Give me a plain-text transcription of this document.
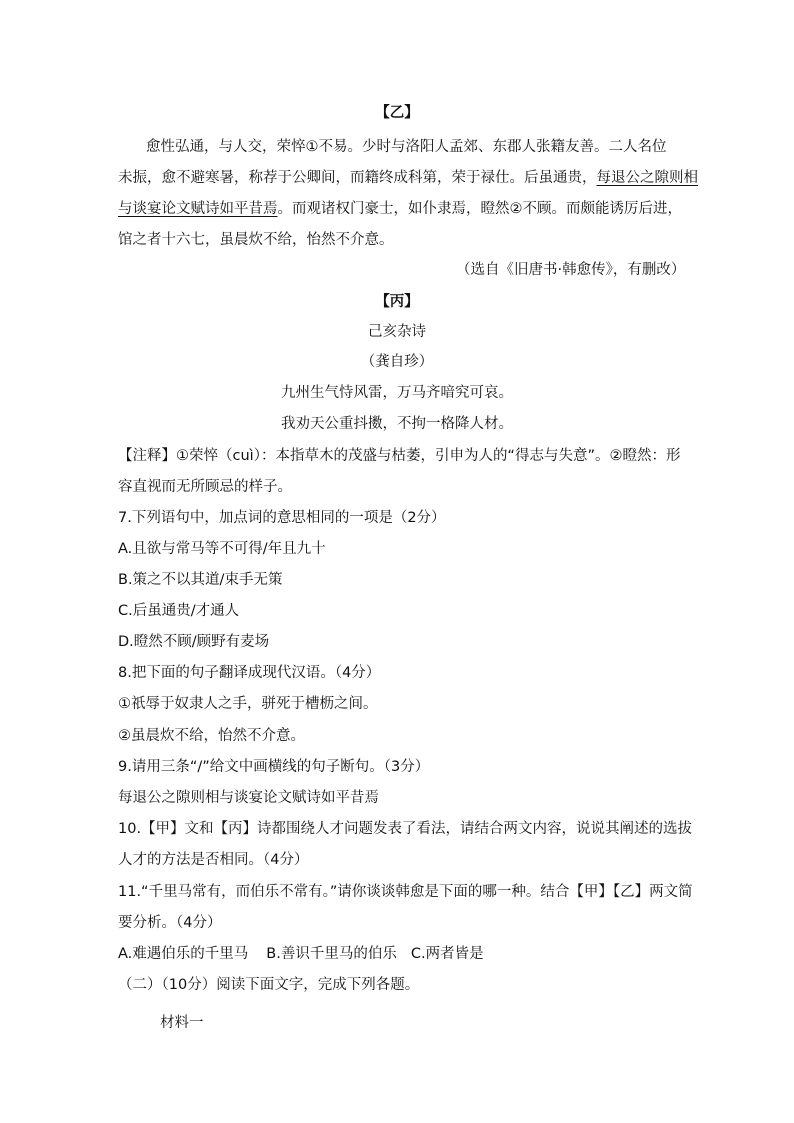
【乙】
愈性弘通，与人交，荣悴①不易。少时与洛阳人孟郊、东郡人张籍友善。二人名位
未振，愈不避寒暑，称荐于公卿间，而籍终成科第，荣于禄仕。后虽通贵，每退公之隙则相
与谈宴论文赋诗如平昔焉。而观诸权门豪士，如仆隶焉，瞪然②不顾。而颇能诱厉后进，
馆之者十六七，虽晨炊不给，怡然不介意。
（选自《旧唐书·韩愈传》，有删改）
【丙】
己亥杂诗
（龚自珍）
九州生气恃风雷，万马齐喑究可哀。
我劝天公重抖擞，不拘一格降人材。
【注释】①荣悴（cuì）：本指草木的茂盛与枯萎，引申为人的“得志与失意”。②瞪然：形
容直视而无所顾忌的样子。
7.下列语句中，加点词的意思相同的一项是（2分）
A.且欲与常马等不可得/年且九十
B.策之不以其道/束手无策
C.后虽通贵/才通人
D.瞪然不顾/顾野有麦场
8.把下面的句子翻译成现代汉语。（4分）
①祇辱于奴隶人之手，骈死于槽枥之间。
②虽晨炊不给，怡然不介意。
9.请用三条“/”给文中画横线的句子断句。（3分）
每退公之隙则相与谈宴论文赋诗如平昔焉
10.【甲】文和【丙】诗都围绕人才问题发表了看法，请结合两文内容，说说其阐述的选拔
人才的方法是否相同。（4分）
11.“千里马常有，而伯乐不常有。”请你谈谈韩愈是下面的哪一种。结合【甲】【乙】两文简
要分析。（4分）
A.难遇伯乐的千里马 B.善识千里马的伯乐 C.两者皆是
（二）（10分）阅读下面文字，完成下列各题。
材料一
